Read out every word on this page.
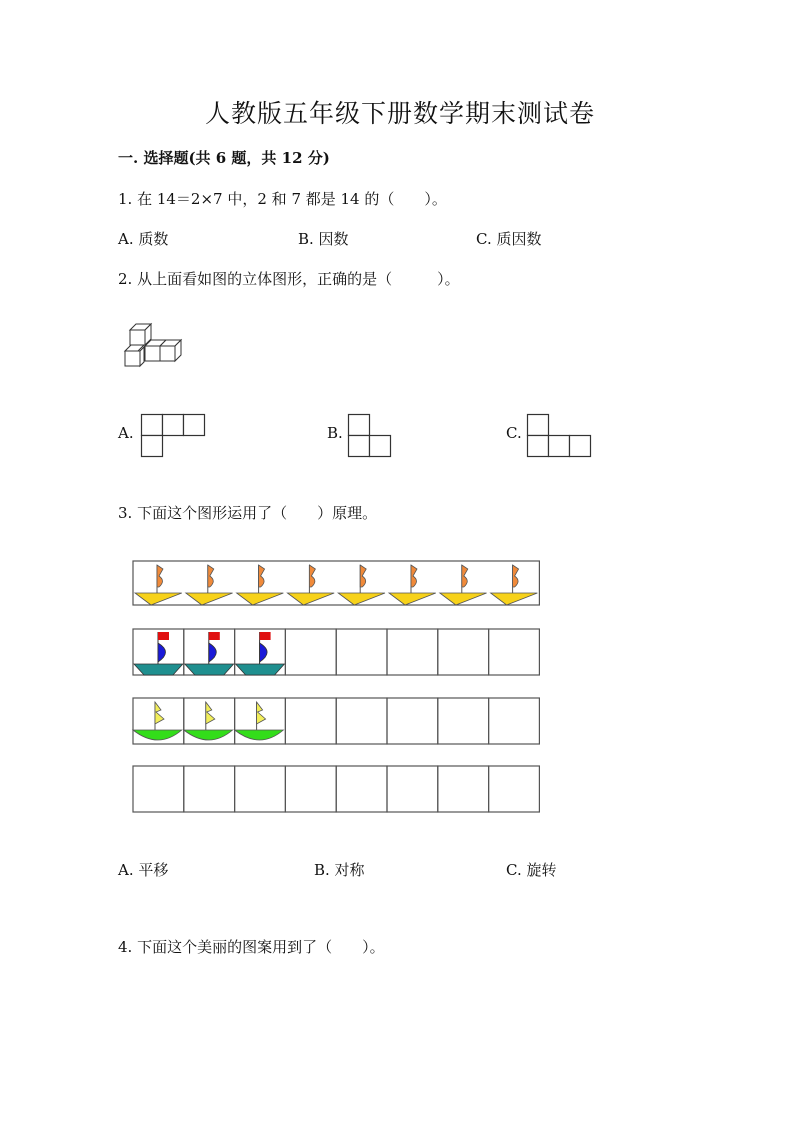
人教版五年级下册数学期末测试卷
一. 选择题(共 6 题，共 12 分)
1. 在 14＝2×7 中，2 和 7 都是 14 的（　　）。
A. 质数	B. 因数	C. 质因数
2. 从上面看如图的立体图形，正确的是（　　　）。
A.	B.	C.
3. 下面这个图形运用了（　　）原理。
A. 平移	B. 对称	C. 旋转
4. 下面这个美丽的图案用到了（　　）。
